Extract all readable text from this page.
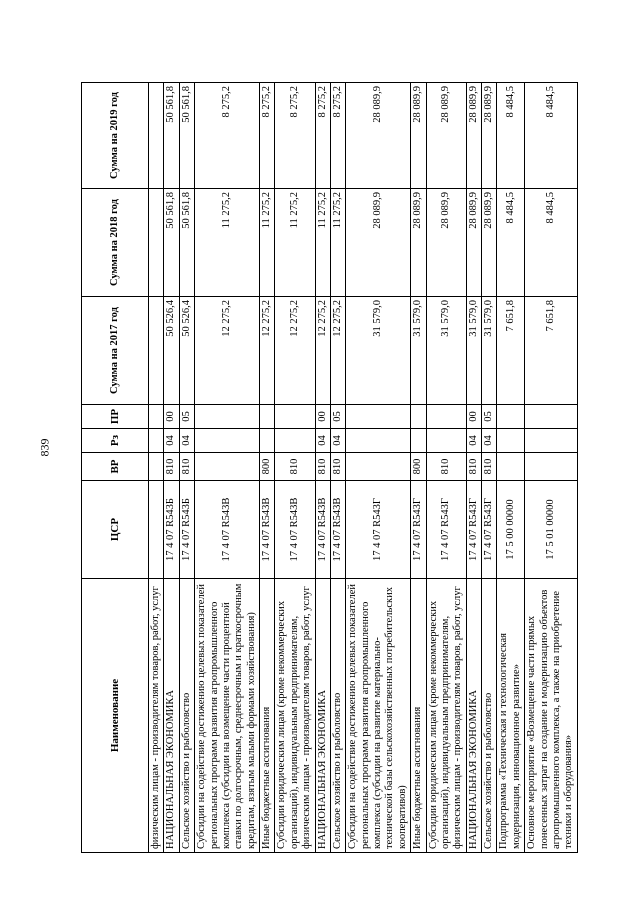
839
Наименование	ЦСР	ВР	Рз	ПР	Сумма на 2017 год	Сумма на 2018 год	Сумма на 2019 год
физическим лицам - производителям товаров, работ, услуг							
НАЦИОНАЛЬНАЯ ЭКОНОМИКА	17 4 07 R543Б	810	04	00	50 526,4	50 561,8	50 561,8
Сельское хозяйство и рыболовство	17 4 07 R543Б	810	04	05	50 526,4	50 561,8	50 561,8
Субсидии на содействие достижению целевых показателей региональных программ развития агропромышленного комплекса (субсидии на возмещение части процентной ставки по долгосрочным, среднесрочным и краткосрочным кредитам, взятым малыми формами хозяйствования)	17 4 07 R543В				12 275,2	11 275,2	8 275,2
Иные бюджетные ассигнования	17 4 07 R543В	800			12 275,2	11 275,2	8 275,2
Субсидии юридическим лицам (кроме некоммерческих организаций), индивидуальным предпринимателям, физическим лицам - производителям товаров, работ, услуг	17 4 07 R543В	810			12 275,2	11 275,2	8 275,2
НАЦИОНАЛЬНАЯ ЭКОНОМИКА	17 4 07 R543В	810	04	00	12 275,2	11 275,2	8 275,2
Сельское хозяйство и рыболовство	17 4 07 R543В	810	04	05	12 275,2	11 275,2	8 275,2
Субсидии на содействие достижению целевых показателей региональных программ развития агропромышленного комплекса (субсидии на развитие материально-технической базы сельскохозяйственных потребительских кооперативов)	17 4 07 R543Г				31 579,0	28 089,9	28 089,9
Иные бюджетные ассигнования	17 4 07 R543Г	800			31 579,0	28 089,9	28 089,9
Субсидии юридическим лицам (кроме некоммерческих организаций), индивидуальным предпринимателям, физическим лицам - производителям товаров, работ, услуг	17 4 07 R543Г	810			31 579,0	28 089,9	28 089,9
НАЦИОНАЛЬНАЯ ЭКОНОМИКА	17 4 07 R543Г	810	04	00	31 579,0	28 089,9	28 089,9
Сельское хозяйство и рыболовство	17 4 07 R543Г	810	04	05	31 579,0	28 089,9	28 089,9
Подпрограмма «Техническая и технологическая модернизация, инновационное развитие»	17 5 00 00000				7 651,8	8 484,5	8 484,5
Основное мероприятие «Возмещение части прямых понесенных затрат на создание и модернизацию объектов агропромышленного комплекса, а также на приобретение техники и оборудования»	17 5 01 00000				7 651,8	8 484,5	8 484,5
